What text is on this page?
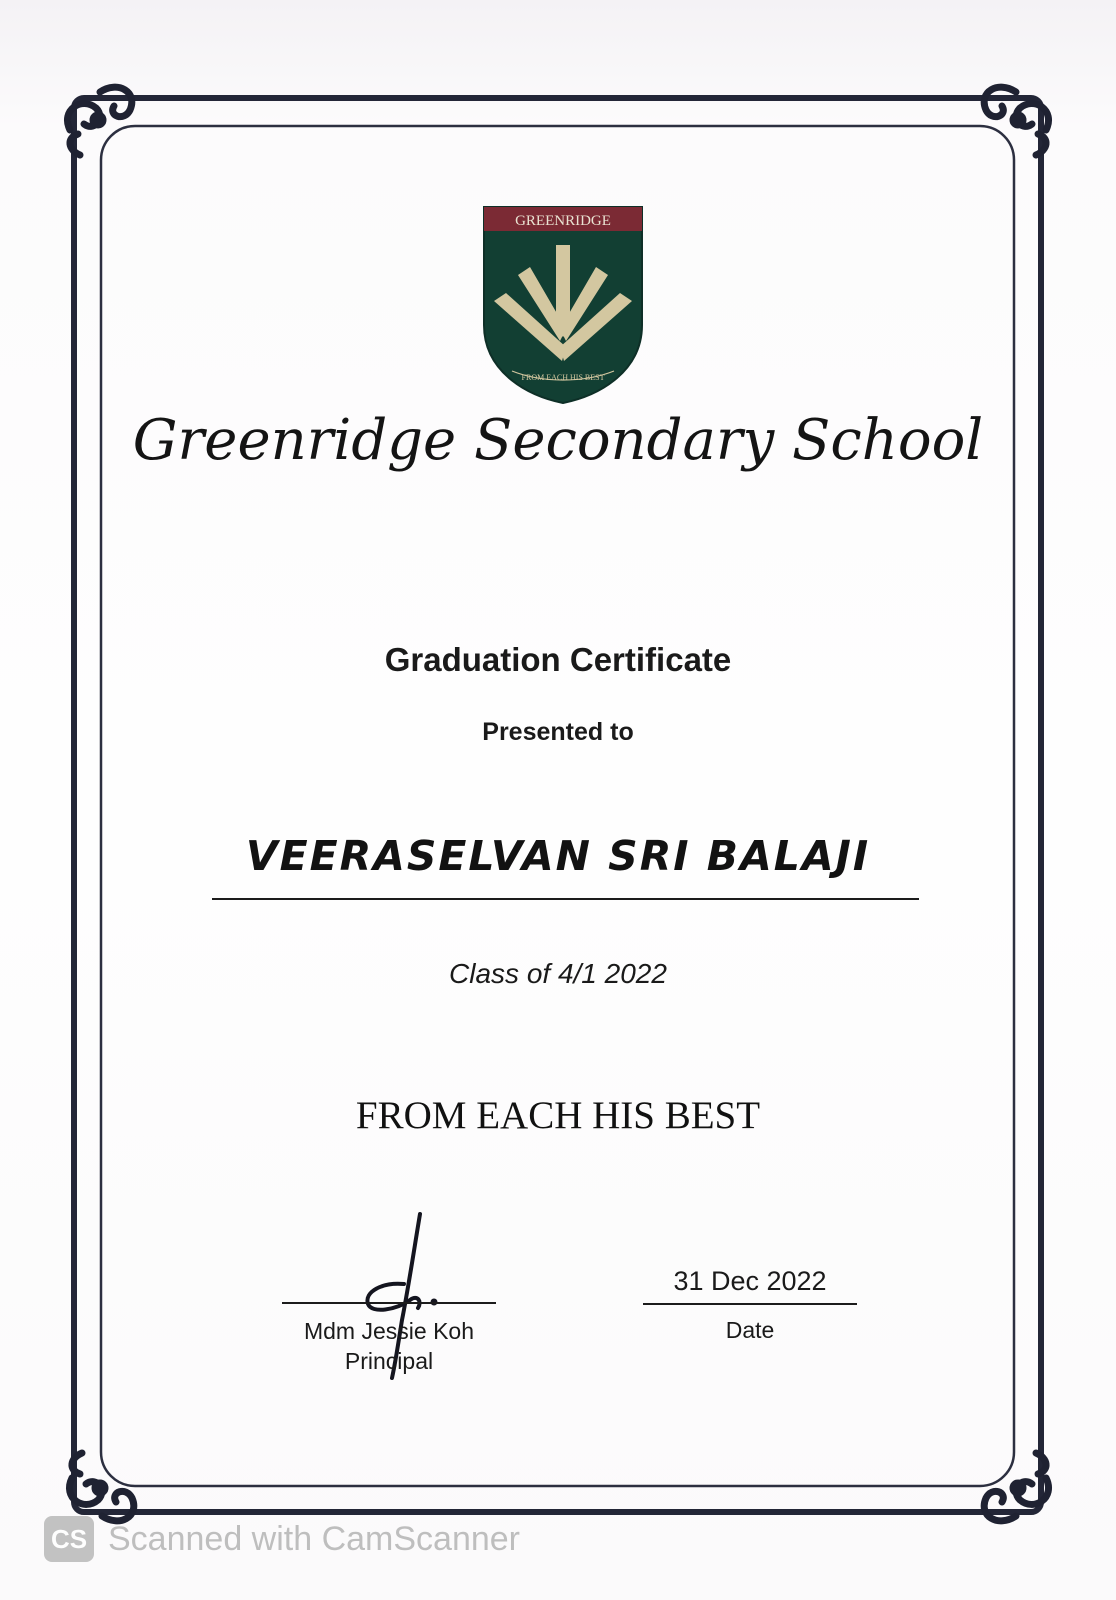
GREENRIDGE
FROM EACH HIS BEST
Greenridge Secondary School
Graduation Certificate
Presented to
VEERASELVAN SRI BALAJI
Class of 4/1 2022
FROM EACH HIS BEST
Mdm Jessie Koh
Principal
31 Dec 2022
Date
CS Scanned with CamScanner
